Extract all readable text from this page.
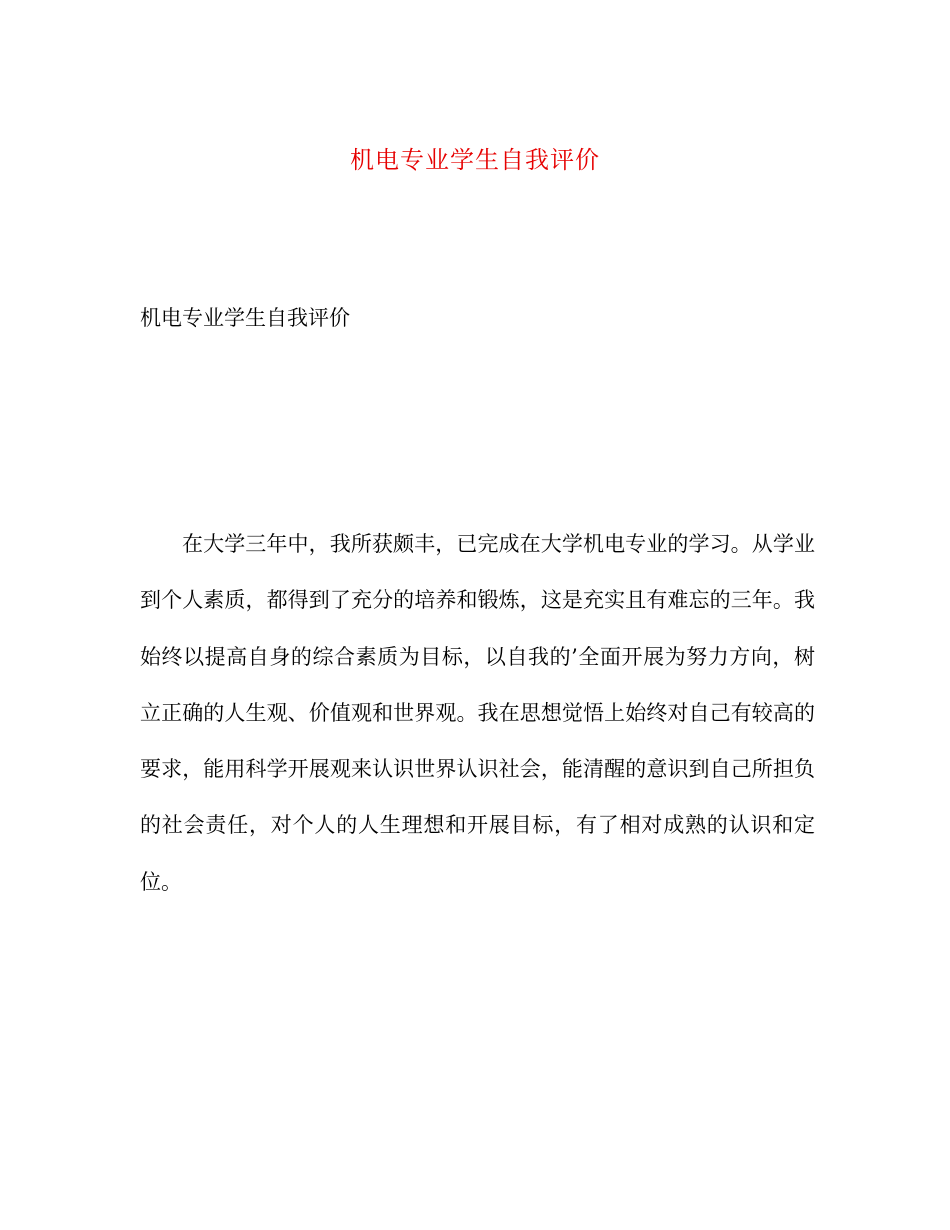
机电专业学生自我评价
机电专业学生自我评价

在大学三年中，我所获颇丰，已完成在大学机电专业的学习。从学业到个人素质，都得到了充分的培养和锻炼，这是充实且有难忘的三年。我始终以提高自身的综合素质为目标，以自我的’全面开展为努力方向，树立正确的人生观、价值观和世界观。我在思想觉悟上始终对自己有较高的要求，能用科学开展观来认识世界认识社会，能清醒的意识到自己所担负的社会责任，对个人的人生理想和开展目标，有了相对成熟的认识和定位。
